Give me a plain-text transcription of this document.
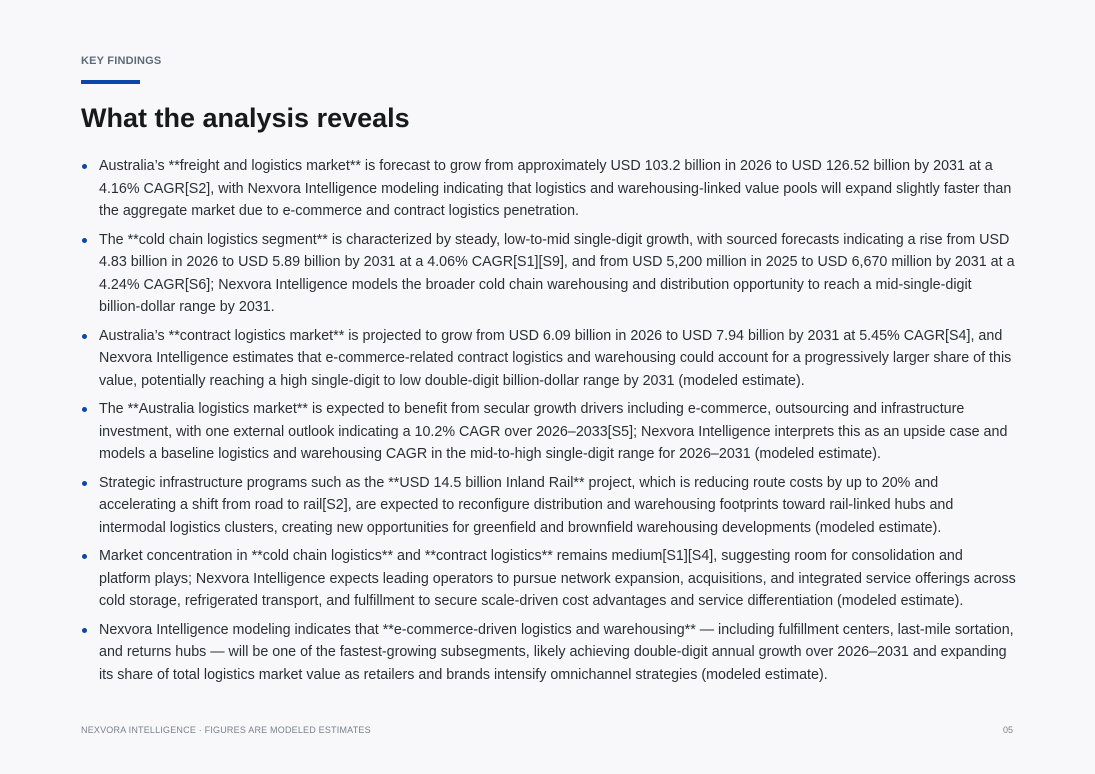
KEY FINDINGS
What the analysis reveals
Australia’s **freight and logistics market** is forecast to grow from approximately USD 103.2 billion in 2026 to USD 126.52 billion by 2031 at a 4.16% CAGR[S2], with Nexvora Intelligence modeling indicating that logistics and warehousing-linked value pools will expand slightly faster than the aggregate market due to e-commerce and contract logistics penetration.
The **cold chain logistics segment** is characterized by steady, low-to-mid single-digit growth, with sourced forecasts indicating a rise from USD 4.83 billion in 2026 to USD 5.89 billion by 2031 at a 4.06% CAGR[S1][S9], and from USD 5,200 million in 2025 to USD 6,670 million by 2031 at a 4.24% CAGR[S6]; Nexvora Intelligence models the broader cold chain warehousing and distribution opportunity to reach a mid-single-digit billion-dollar range by 2031.
Australia’s **contract logistics market** is projected to grow from USD 6.09 billion in 2026 to USD 7.94 billion by 2031 at 5.45% CAGR[S4], and Nexvora Intelligence estimates that e-commerce-related contract logistics and warehousing could account for a progressively larger share of this value, potentially reaching a high single-digit to low double-digit billion-dollar range by 2031 (modeled estimate).
The **Australia logistics market** is expected to benefit from secular growth drivers including e-commerce, outsourcing and infrastructure investment, with one external outlook indicating a 10.2% CAGR over 2026–2033[S5]; Nexvora Intelligence interprets this as an upside case and models a baseline logistics and warehousing CAGR in the mid-to-high single-digit range for 2026–2031 (modeled estimate).
Strategic infrastructure programs such as the **USD 14.5 billion Inland Rail** project, which is reducing route costs by up to 20% and accelerating a shift from road to rail[S2], are expected to reconfigure distribution and warehousing footprints toward rail-linked hubs and intermodal logistics clusters, creating new opportunities for greenfield and brownfield warehousing developments (modeled estimate).
Market concentration in **cold chain logistics** and **contract logistics** remains medium[S1][S4], suggesting room for consolidation and platform plays; Nexvora Intelligence expects leading operators to pursue network expansion, acquisitions, and integrated service offerings across cold storage, refrigerated transport, and fulfillment to secure scale-driven cost advantages and service differentiation (modeled estimate).
Nexvora Intelligence modeling indicates that **e-commerce-driven logistics and warehousing** — including fulfillment centers, last-mile sortation, and returns hubs — will be one of the fastest-growing subsegments, likely achieving double-digit annual growth over 2026–2031 and expanding its share of total logistics market value as retailers and brands intensify omnichannel strategies (modeled estimate).
NEXVORA INTELLIGENCE · FIGURES ARE MODELED ESTIMATES	05
